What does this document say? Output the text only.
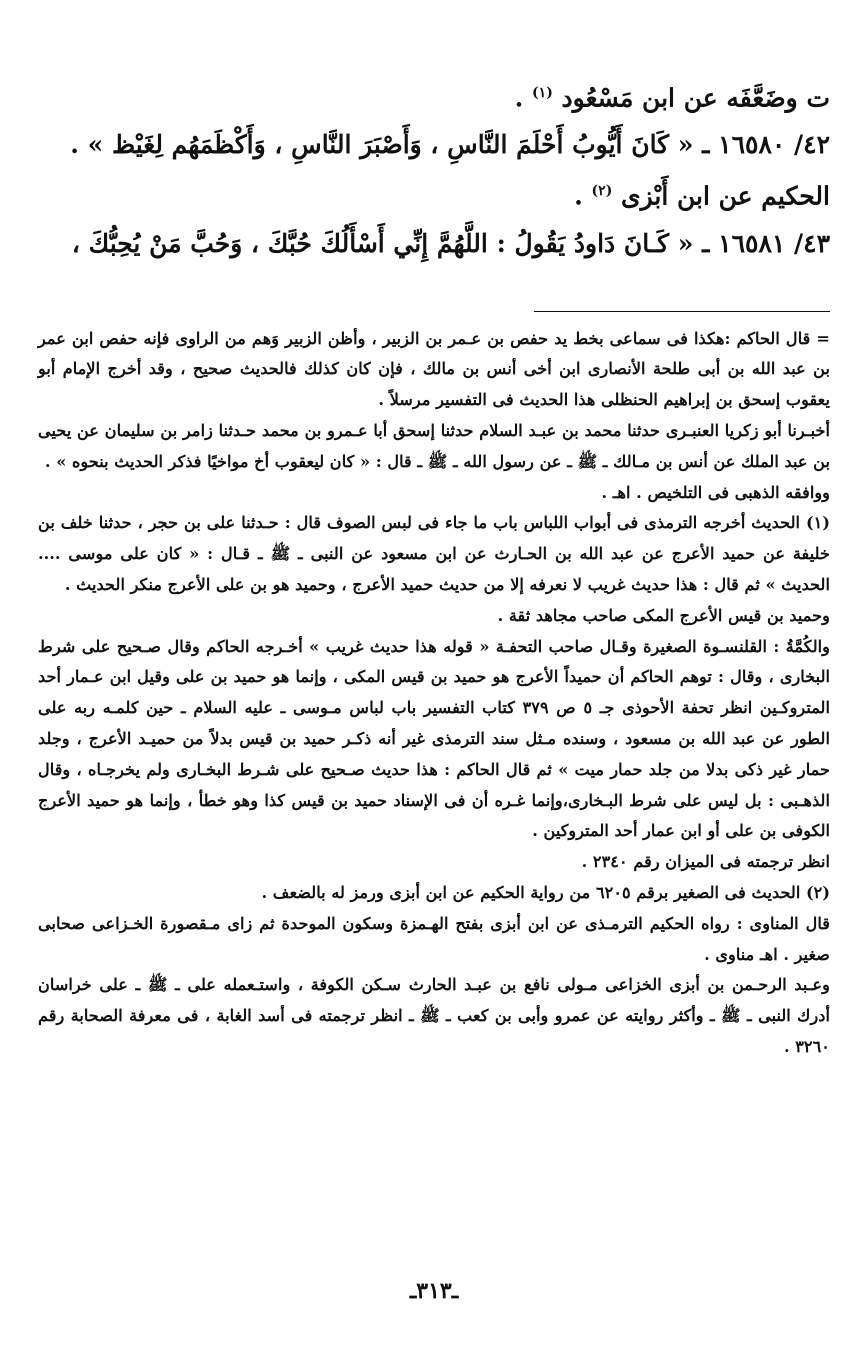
ت وضَعَّفَه عن ابن مَسْعُود $^{(١)}$ .
٤٢/ ١٦٥٨٠ ـ « كَانَ أَيُّوبُ أَحْلَمَ النَّاسِ ، وَأَصْبَرَ النَّاسِ ، وَأَكْظَمَهُم لِغَيْظ » .
الحكيم عن ابن أَبْزى $^{(٢)}$ .
٤٣/ ١٦٥٨١ ـ « كَـانَ دَاودُ يَقُولُ : اللَّهُمَّ إِنِّي أَسْأَلُكَ حُبَّكَ ، وَحُبَّ مَنْ يُحِبُّكَ ،

= قال الحاكم :هكذا فى سماعى بخط يد حفص بن عـمر بن الزبير ، وأظن الزبير وَهم من الراوى فإنه حفص ابن عمر بن عبد الله بن أبى طلحة الأنصارى ابن أخى أنس بن مالك ، فإن كان كذلك فالحديث صحيح ، وقد أخرج الإمام أبو يعقوب إسحق بن إبراهيم الحنظلى هذا الحديث فى التفسير مرسلاً .

أخبـرنا أبو زكريا العنبـرى حدثنا محمد بن عبـد السلام حدثنا إسحق أبا عـمرو بن محمد حـدثنا زامر بن سليمان عن يحيى بن عبد الملك عن أنس بن مـالك ـ ﷺ ـ عن رسول الله ـ ﷺ ـ قال : « كان ليعقوب أخ مواخيًا فذكر الحديث بنحوه » .

ووافقه الذهبى فى التلخيص . اهـ .

(١) الحديث أخرجه الترمذى فى أبواب اللباس باب ما جاء فى لبس الصوف قال : حـدثنا على بن حجر ، حدثنا خلف بن خليفة عن حميد الأعرج عن عبد الله بن الحـارث عن ابن مسعود عن النبى ـ ﷺ ـ قـال : « كان على موسى .... الحديث » ثم قال : هذا حديث غريب لا نعرفه إلا من حديث حميد الأعرج ، وحميد هو بن على الأعرج منكر الحديث .

وحميد بن قيس الأعرج المكى صاحب مجاهد ثقة .

والكُمَّةُ : القلنسـوة الصغيرة وقـال صاحب التحفـة « قوله هذا حديث غريب » أخـرجه الحاكم وقال صـحيح على شرط البخارى ، وقال : توهم الحاكم أن حميداً الأعرج هو حميد بن قيس المكى ، وإنما هو حميد بن على وقيل ابن عـمار أحد المتروكـين انظر تحفة الأحوذى جـ ٥ ص ٣٧٩ كتاب التفسير باب لباس مـوسى ـ عليه السلام ـ حين كلمـه ربه على الطور عن عبد الله بن مسعود ، وسنده مـثل سند الترمذى غير أنه ذكـر حميد بن قيس بدلاً من حميـد الأعرج ، وجلد حمار غير ذكى بدلا من جلد حمار ميت » ثم قال الحاكم : هذا حديث صـحيح على شـرط البخـارى ولم يخرجـاه ، وقال الذهـبى : بل ليس على شرط البـخارى،وإنما غـره أن فى الإسناد حميد بن قيس كذا وهو خطأ ، وإنما هو حميد الأعرج الكوفى بن على أو ابن عمار أحد المتروكين .

انظر ترجمته فى الميزان رقم ٢٣٤٠ .

(٢) الحديث فى الصغير برقم ٦٢٠٥ من رواية الحكيم عن ابن أبزى ورمز له بالضعف .

قال المناوى : رواه الحكيم الترمـذى عن ابن أبزى بفتح الهـمزة وسكون الموحدة ثم زاى مـقصورة الخـزاعى صحابى صغير . اهـ مناوى .

وعـبد الرحـمن بن أبزى الخزاعى مـولى نافع بن عبـد الحارث سـكن الكوفة ، واستـعمله على ـ ﷺ ـ على خراسان أدرك النبى ـ ﷺ ـ وأكثر روايته عن عمرو وأبى بن كعب ـ ﷺ ـ انظر ترجمته فى أسد الغابة ، فى معرفة الصحابة رقم ٣٢٦٠ .

ـ٣١٣ـ
